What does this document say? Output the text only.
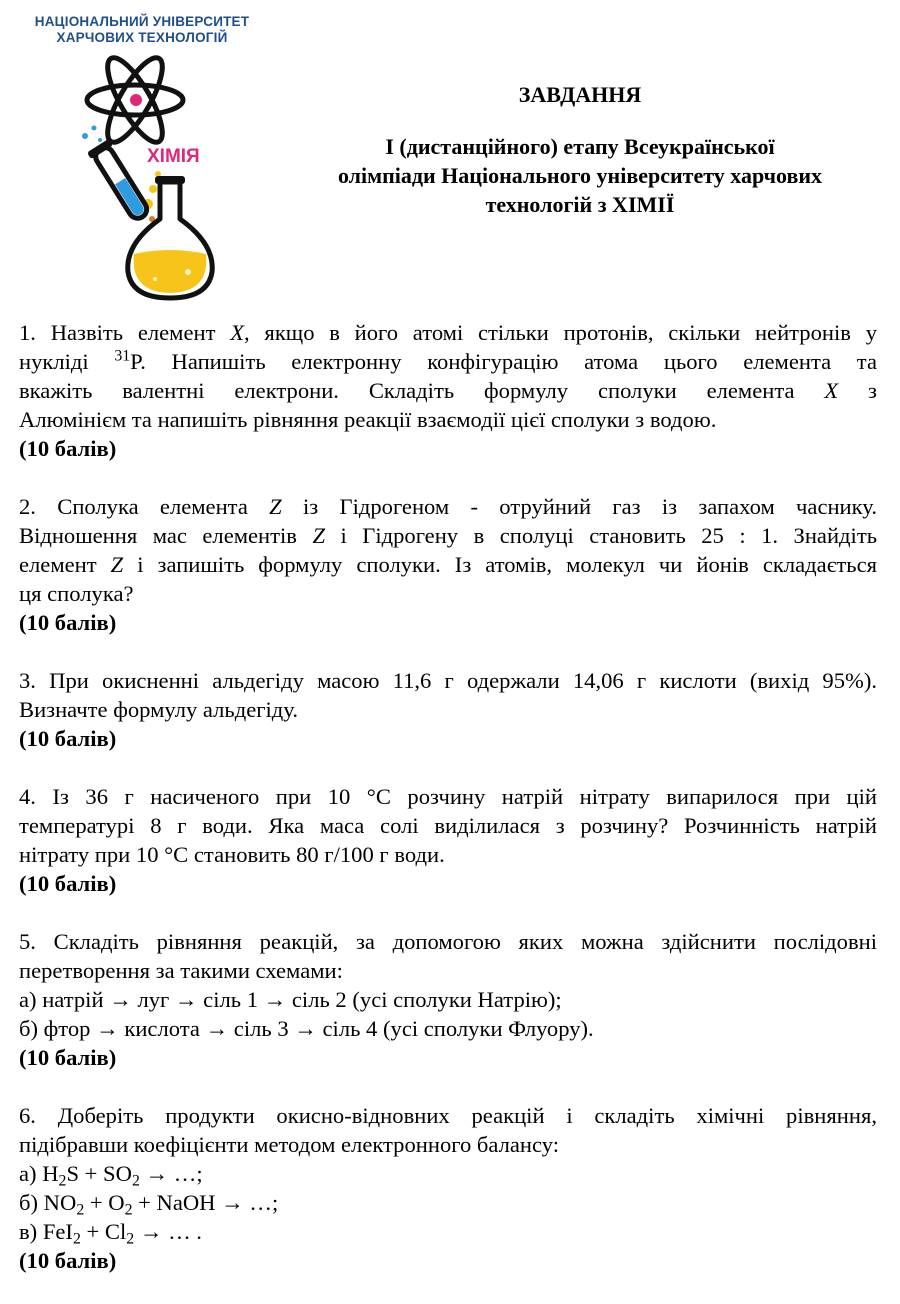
НАЦІОНАЛЬНИЙ УНІВЕРСИТЕТ
ХАРЧОВИХ ТЕХНОЛОГІЙ
ХІМІЯ
ЗАВДАННЯ
І (дистанційного) етапу Всеукраїнської
олімпіади Національного університету харчових
технологій з ХІМІЇ
1. Назвіть елемент X, якщо в його атомі стільки протонів, скільки нейтронів у
нукліді $^{31}$P. Напишіть електронну конфігурацію атома цього елемента та
вкажіть валентні електрони. Складіть формулу сполуки елемента X з
Алюмінієм та напишіть рівняння реакції взаємодії цієї сполуки з водою.
(10 балів)
2. Сполука елемента Z із Гідрогеном - отруйний газ із запахом часнику.
Відношення мас елементів Z і Гідрогену в сполуці становить 25 : 1. Знайдіть
елемент Z і запишіть формулу сполуки. Із атомів, молекул чи йонів складається
ця сполука?
(10 балів)
3. При окисненні альдегіду масою 11,6 г одержали 14,06 г кислоти (вихід 95%).
Визначте формулу альдегіду.
(10 балів)
4. Із 36 г насиченого при 10 °С розчину натрій нітрату випарилося при цій
температурі 8 г води. Яка маса солі виділилася з розчину? Розчинність натрій
нітрату при 10 °С становить 80 г/100 г води.
(10 балів)
5. Складіть рівняння реакцій, за допомогою яких можна здійснити послідовні
перетворення за такими схемами:
а) натрій → луг → сіль 1 → сіль 2 (усі сполуки Натрію);
б) фтор → кислота → сіль 3 → сіль 4 (усі сполуки Флуору).
(10 балів)
6. Доберіть продукти окисно-відновних реакцій і складіть хімічні рівняння,
підібравши коефіцієнти методом електронного балансу:
а) $H_2S + SO_2$ → …;
б) $NO_2 + O_2$ + NaOH → …;
в) $FeI_2 + Cl_2$ → … .
(10 балів)
